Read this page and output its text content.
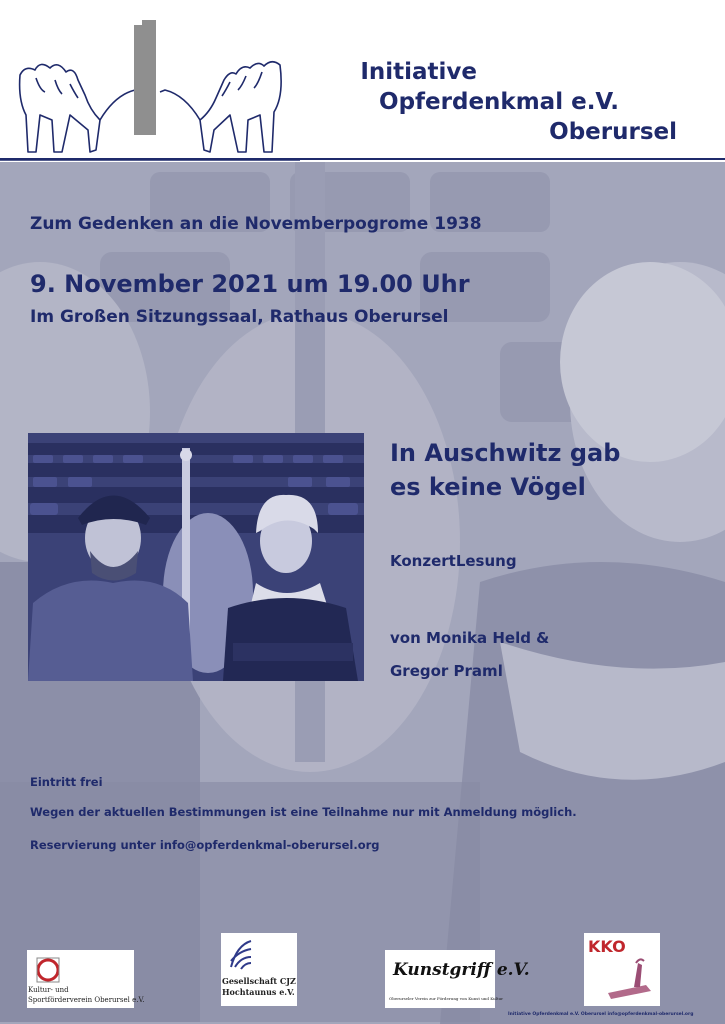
Initiative
Opferdenkmal e.V.
Oberursel
Zum Gedenken an die Novemberpogrome 1938
9. November 2021 um 19.00 Uhr
Im Großen Sitzungssaal, Rathaus Oberursel
In Auschwitz gab
es keine Vögel
KonzertLesung
von Monika Held &
Gregor Praml
Eintritt frei
Wegen der aktuellen Bestimmungen ist eine Teilnahme nur mit Anmeldung möglich.
Reservierung unter info@opferdenkmal-oberursel.org
Kultur- und
Sportförderverein Oberursel e.V.
Gesellschaft CJZ
Hochtaunus e.V.
Kunstgriff e.V.
Oberurseler Verein zur Förderung von Kunst und Kultur
KKO
Initiative Opferdenkmal e.V. Oberursel info@opferdenkmal-oberursel.org
